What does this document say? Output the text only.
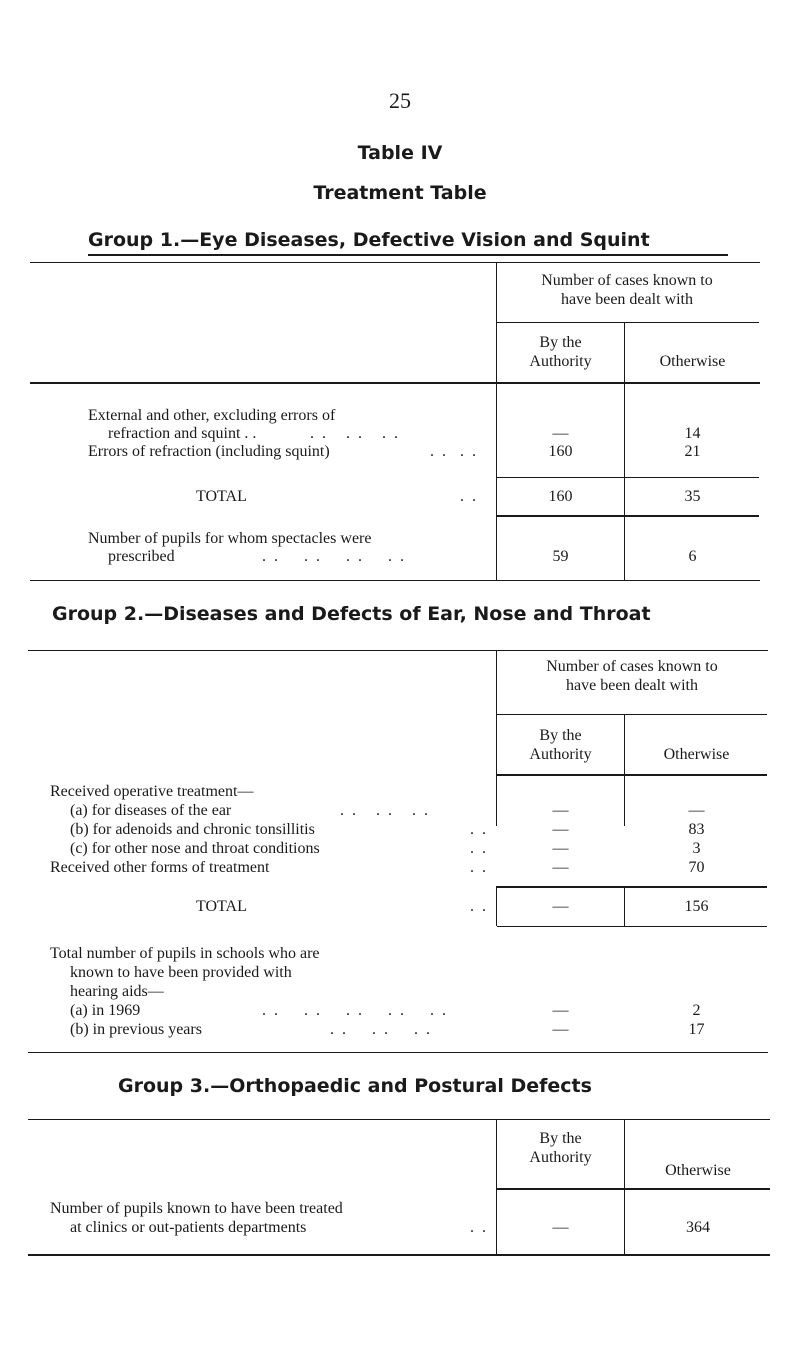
25
Table IV
Treatment Table
Group 1.—Eye Diseases, Defective Vision and Squint
Number of cases known to
have been dealt with
By the
Authority	Otherwise
External and other, excluding errors of
refraction and squint . .	. .   . .   . .	—	14
Errors of refraction (including squint)	. .  . .	160	21
TOTAL	. .	160	35
Number of pupils for whom spectacles were
prescribed	. .    . .    . .    . .	59	6
Group 2.—Diseases and Defects of Ear, Nose and Throat
Number of cases known to
have been dealt with
By the
Authority	Otherwise
Received operative treatment—
(a) for diseases of the ear	. .   . .   . .	—	—
(b) for adenoids and chronic tonsillitis	. .	—	83
(c) for other nose and throat conditions	. .	—	3
Received other forms of treatment	. .	—	70
TOTAL	. .	—	156
Total number of pupils in schools who are
known to have been provided with
hearing aids—
(a) in 1969	. .    . .    . .    . .    . .	—	2
(b) in previous years	. .    . .    . .	—	17
Group 3.—Orthopaedic and Postural Defects
By the
Authority
Otherwise
Number of pupils known to have been treated
at clinics or out-patients departments	. .	—	364
